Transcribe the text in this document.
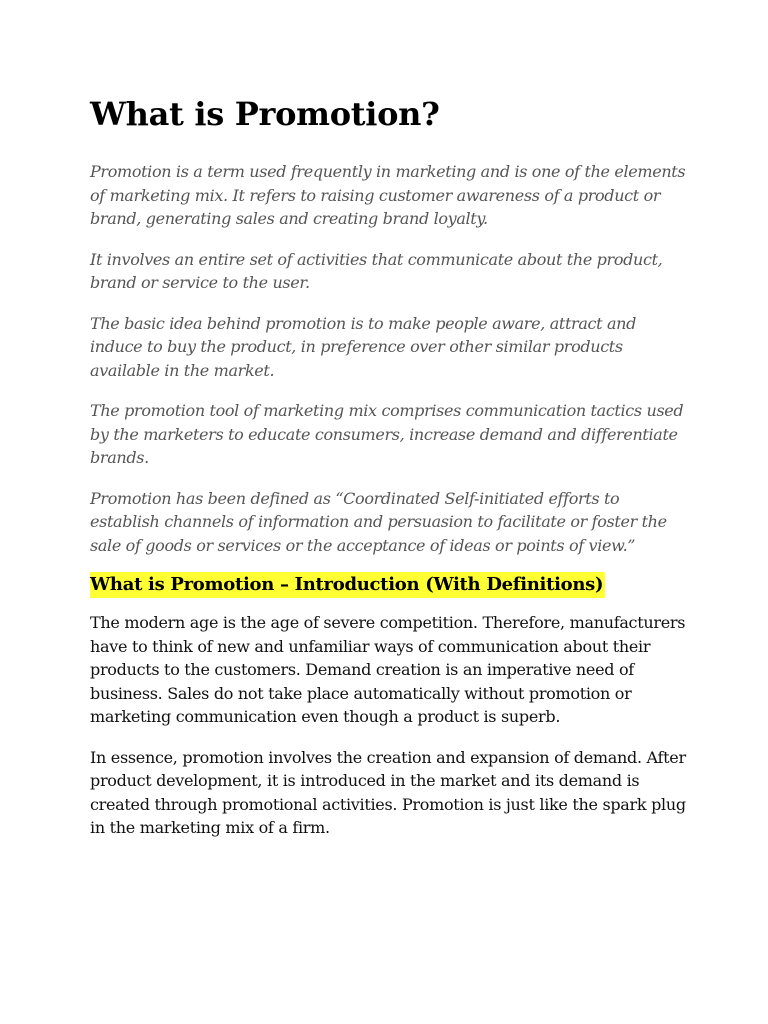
What is Promotion?

Promotion is a term used frequently in marketing and is one of the elements of marketing mix. It refers to raising customer awareness of a product or brand, generating sales and creating brand loyalty.

It involves an entire set of activities that communicate about the product, brand or service to the user.

The basic idea behind promotion is to make people aware, attract and induce to buy the product, in preference over other similar products available in the market.

The promotion tool of marketing mix comprises communication tactics used by the marketers to educate consumers, increase demand and differentiate brands.

Promotion has been defined as “Coordinated Self-initiated efforts to establish channels of information and persuasion to facilitate or foster the sale of goods or services or the acceptance of ideas or points of view.”

What is Promotion – Introduction (With Definitions)

The modern age is the age of severe competition. Therefore, manufacturers have to think of new and unfamiliar ways of communication about their products to the customers. Demand creation is an imperative need of business. Sales do not take place automatically without promotion or marketing communication even though a product is superb.

In essence, promotion involves the creation and expansion of demand. After product development, it is introduced in the market and its demand is created through promotional activities. Promotion is just like the spark plug in the marketing mix of a firm.
